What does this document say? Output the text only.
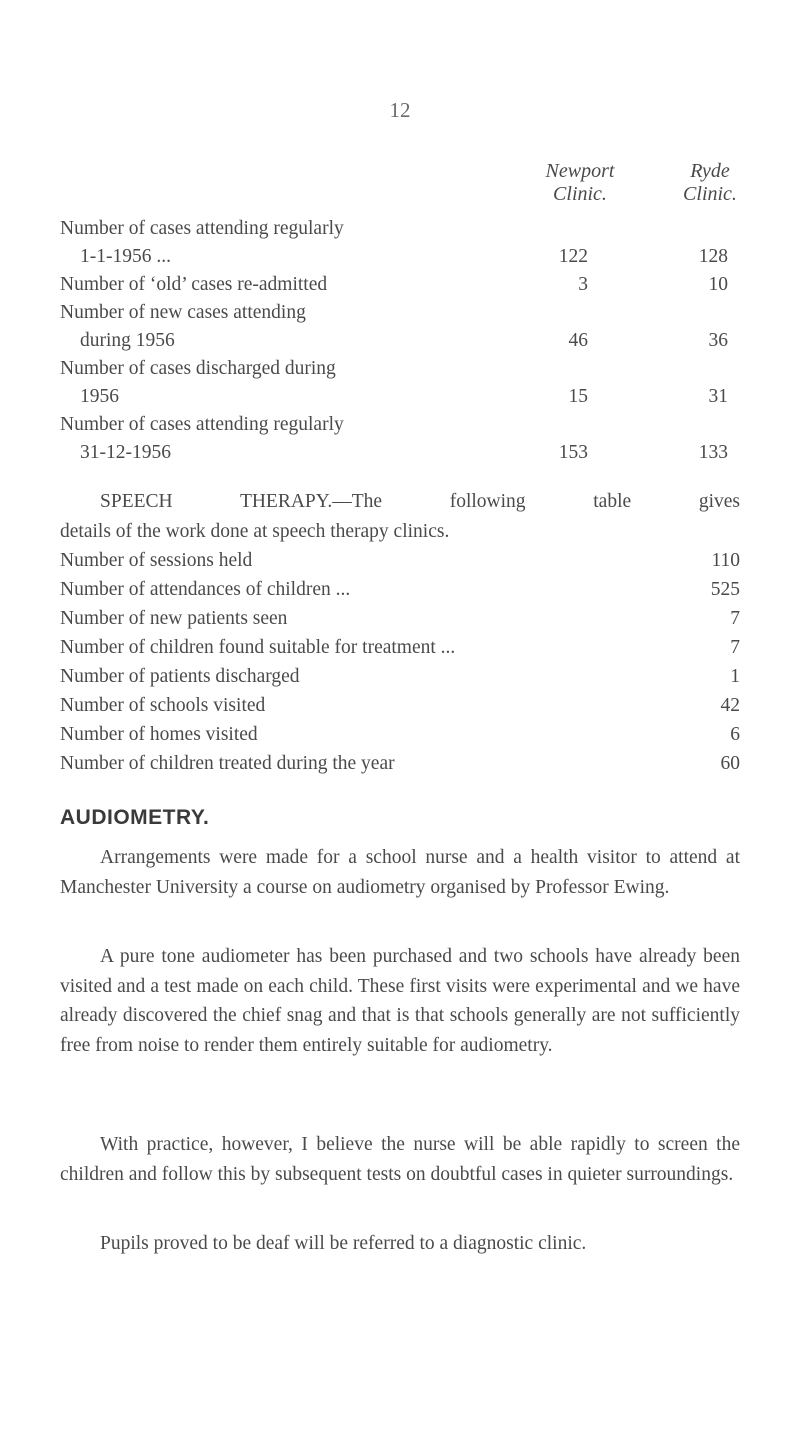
12
Newport
Clinic.
Ryde
Clinic.
Number of cases attending regularly
1-1-1956 ...	122	128
Number of ‘old’ cases re-admitted	3	10
Number of new cases attending
during 1956	46	36
Number of cases discharged during
1956	15	31
Number of cases attending regularly
31-12-1956	153	133
SPEECH THERAPY.—The following table gives
details of the work done at speech therapy clinics.
Number of sessions held	110
Number of attendances of children ...	525
Number of new patients seen	7
Number of children found suitable for treatment ...	7
Number of patients discharged	1
Number of schools visited	42
Number of homes visited	6
Number of children treated during the year	60
AUDIOMETRY.

Arrangements were made for a school nurse and a health visitor to attend at Manchester University a course on audiometry organised by Professor Ewing.

A pure tone audiometer has been purchased and two schools have already been visited and a test made on each child. These first visits were experimental and we have already discovered the chief snag and that is that schools generally are not sufficiently free from noise to render them entirely suitable for audiometry.

With practice, however, I believe the nurse will be able rapidly to screen the children and follow this by subsequent tests on doubtful cases in quieter surroundings.

Pupils proved to be deaf will be referred to a diagnostic clinic.
